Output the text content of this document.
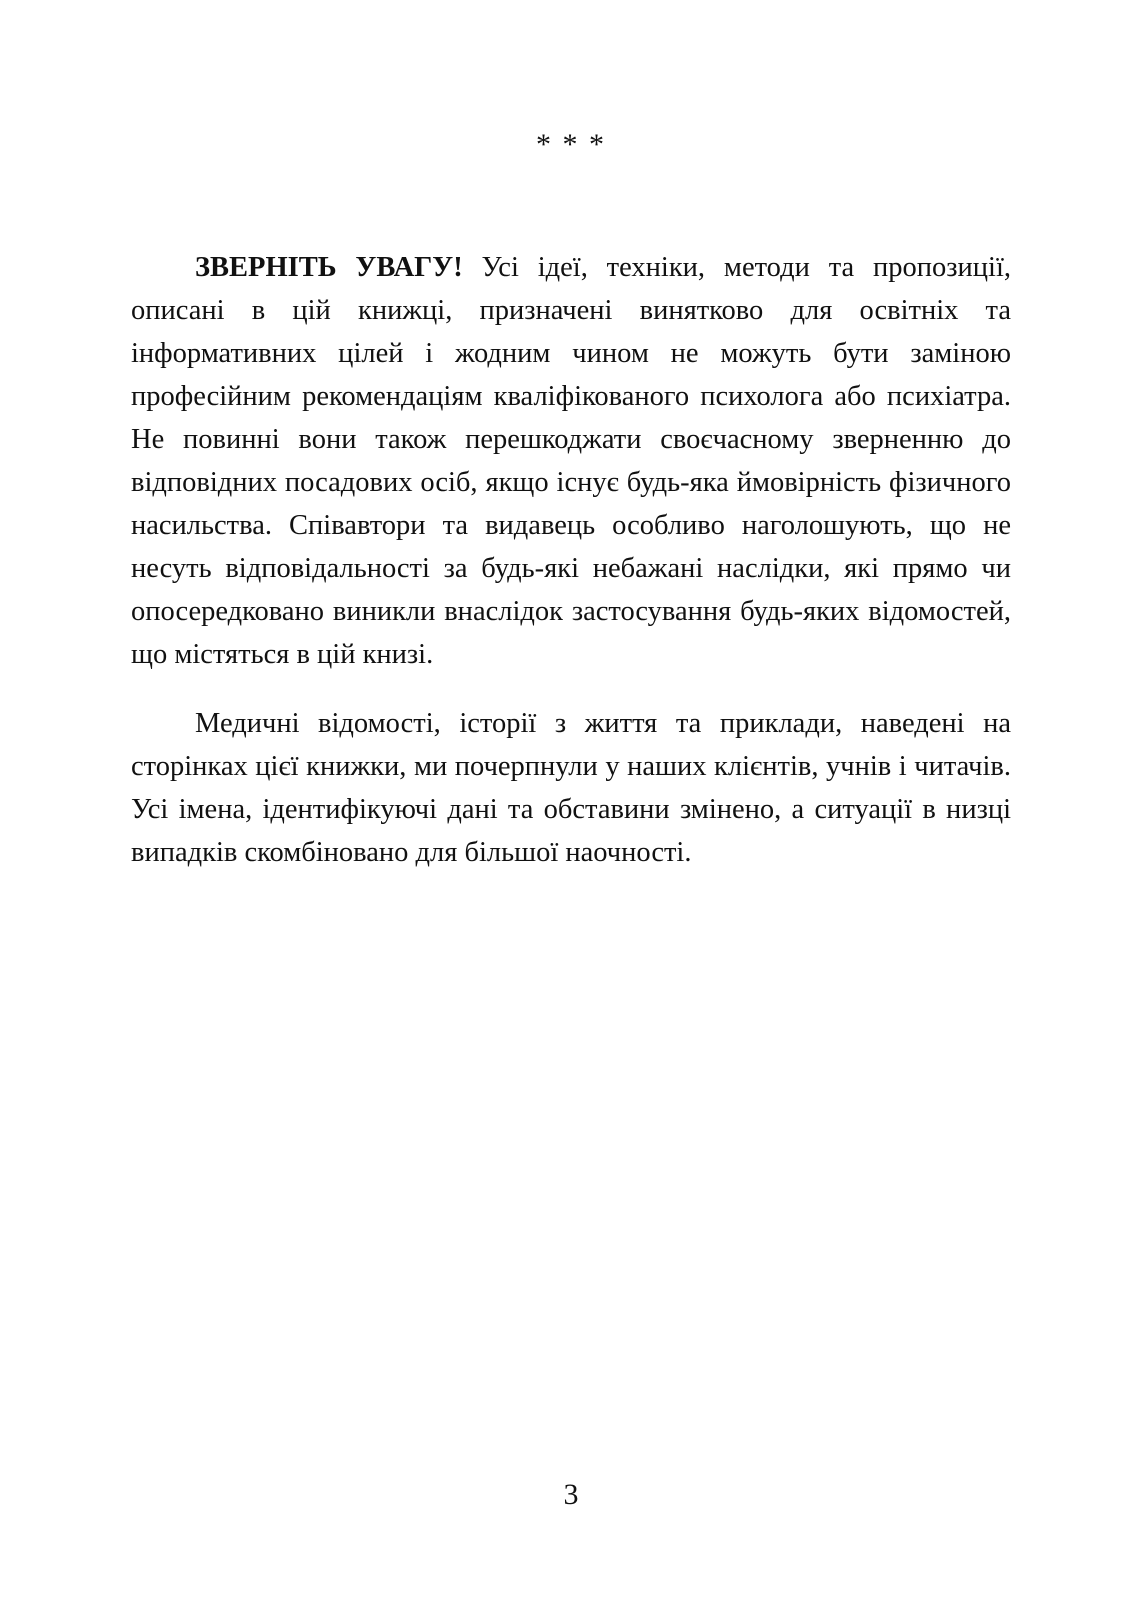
* * *

ЗВЕРНІТЬ УВАГУ! Усі ідеї, техніки, методи та пропозиції, описані в цій книжці, призначені винятково для освітніх та інформативних цілей і жодним чином не можуть бути заміною професійним рекомендаціям кваліфікованого психолога або психіатра. Не повинні вони також перешкоджати своєчасному зверненню до відповідних посадових осіб, якщо існує будь-яка ймовірність фізичного насильства. Співавтори та видавець особливо наголошують, що не несуть відповідальності за будь-які небажані наслідки, які прямо чи опосередковано виникли внаслідок застосування будь-яких відомостей, що містяться в цій книзі.

Медичні відомості, історії з життя та приклади, наведені на сторінках цієї книжки, ми почерпнули у наших клієнтів, учнів і читачів. Усі імена, ідентифікуючі дані та обставини змінено, а ситуації в низці випадків скомбіновано для більшої наочності.

3
